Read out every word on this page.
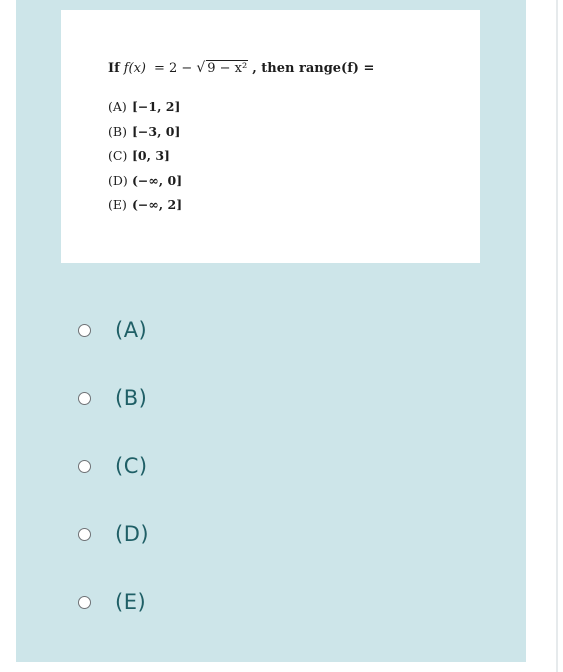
If f(x) = 2 − √ 9 − x² , then range(f) =
(A) [−1, 2]
(B) [−3, 0]
(C) [0, 3]
(D) (−∞, 0]
(E) (−∞, 2]
(A)
(B)
(C)
(D)
(E)
